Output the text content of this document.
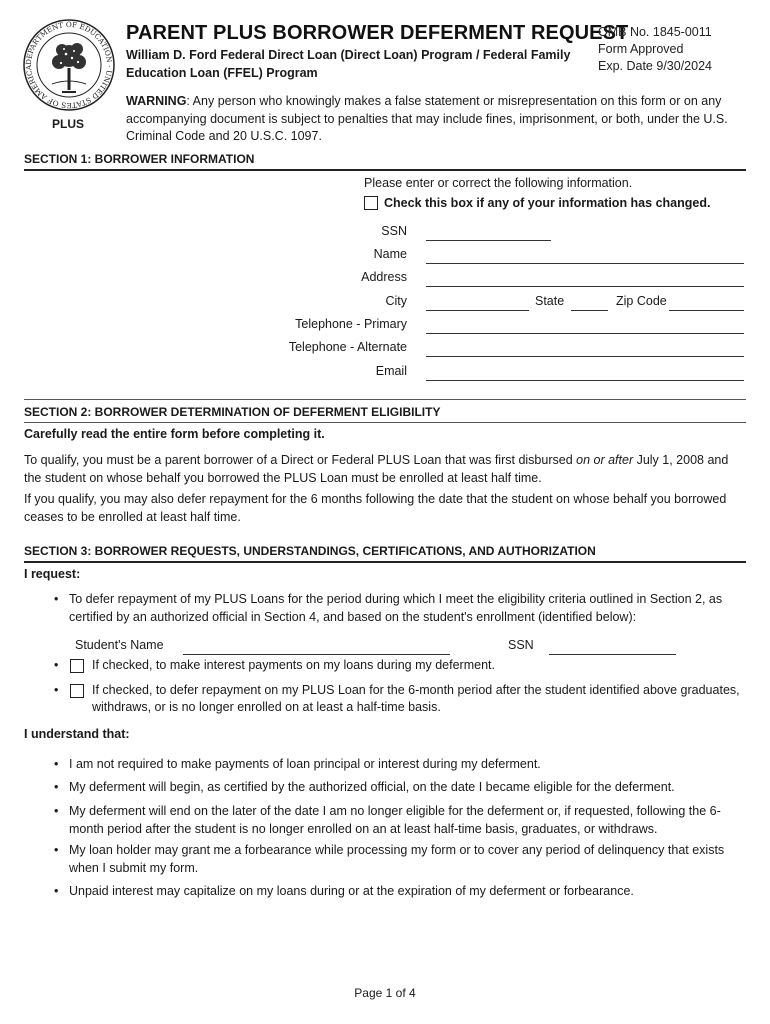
DEPARTMENT OF EDUCATION · UNITED STATES OF AMERICA
PLUS
PARENT PLUS BORROWER DEFERMENT REQUEST
William D. Ford Federal Direct Loan (Direct Loan) Program / Federal Family Education Loan (FFEL) Program
OMB No. 1845-0011
Form Approved
Exp. Date 9/30/2024
WARNING: Any person who knowingly makes a false statement or misrepresentation on this form or on any accompanying document is subject to penalties that may include fines, imprisonment, or both, under the U.S. Criminal Code and 20 U.S.C. 1097.
SECTION 1: BORROWER INFORMATION
Please enter or correct the following information.
Check this box if any of your information has changed.
SSN
Name
Address
City	State	Zip Code
Telephone - Primary
Telephone - Alternate
Email
SECTION 2: BORROWER DETERMINATION OF DEFERMENT ELIGIBILITY
Carefully read the entire form before completing it.
To qualify, you must be a parent borrower of a Direct or Federal PLUS Loan that was first disbursed on or after July 1, 2008 and the student on whose behalf you borrowed the PLUS Loan must be enrolled at least half time.
If you qualify, you may also defer repayment for the 6 months following the date that the student on whose behalf you borrowed ceases to be enrolled at least half time.
SECTION 3: BORROWER REQUESTS, UNDERSTANDINGS, CERTIFICATIONS, AND AUTHORIZATION
I request:
• To defer repayment of my PLUS Loans for the period during which I meet the eligibility criteria outlined in Section 2, as certified by an authorized official in Section 4, and based on the student's enrollment (identified below):
Student's Name	SSN
•	If checked, to make interest payments on my loans during my deferment.
•	If checked, to defer repayment on my PLUS Loan for the 6-month period after the student identified above graduates, withdraws, or is no longer enrolled on at least a half-time basis.
I understand that:
• I am not required to make payments of loan principal or interest during my deferment.
• My deferment will begin, as certified by the authorized official, on the date I became eligible for the deferment.
• My deferment will end on the later of the date I am no longer eligible for the deferment or, if requested, following the 6-month period after the student is no longer enrolled on an at least half-time basis, graduates, or withdraws.
• My loan holder may grant me a forbearance while processing my form or to cover any period of delinquency that exists when I submit my form.
• Unpaid interest may capitalize on my loans during or at the expiration of my deferment or forbearance.
Page 1 of 4
